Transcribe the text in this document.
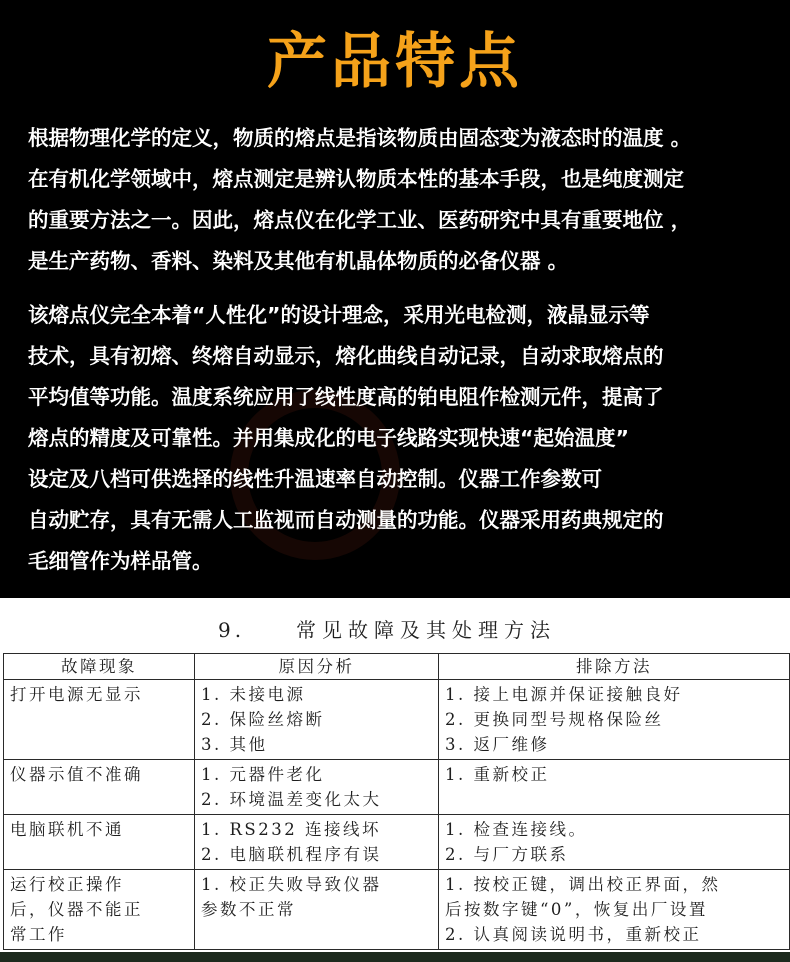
产品特点

根据物理化学的定义，物质的熔点是指该物质由固态变为液态时的温度 。
在有机化学领域中，熔点测定是辨认物质本性的基本手段，也是纯度测定
的重要方法之一。因此，熔点仪在化学工业、医药研究中具有重要地位 ，
是生产药物、香料、染料及其他有机晶体物质的必备仪器 。

该熔点仪完全本着“人性化”的设计理念，采用光电检测，液晶显示等
技术，具有初熔、终熔自动显示，熔化曲线自动记录，自动求取熔点的
平均值等功能。温度系统应用了线性度高的铂电阻作检测元件，提高了
熔点的精度及可靠性。并用集成化的电子线路实现快速“起始温度”
设定及八档可供选择的线性升温速率自动控制。仪器工作参数可
自动贮存，具有无需人工监视而自动测量的功能。仪器采用药典规定的
毛细管作为样品管。

9.	常见故障及其处理方法
故障现象	原因分析	排除方法

打开电源无显示	1. 未接电源
2. 保险丝熔断
3. 其他	1. 接上电源并保证接触良好
2. 更换同型号规格保险丝
3. 返厂维修

仪器示值不准确	1. 元器件老化
2. 环境温差变化太大	1. 重新校正

电脑联机不通	1. RS232 连接线坏
2. 电脑联机程序有误	1. 检查连接线。
2. 与厂方联系

运行校正操作
后，仪器不能正
常工作	1. 校正失败导致仪器
参数不正常	1. 按校正键，调出校正界面，然
后按数字键“0”，恢复出厂设置
2. 认真阅读说明书，重新校正
